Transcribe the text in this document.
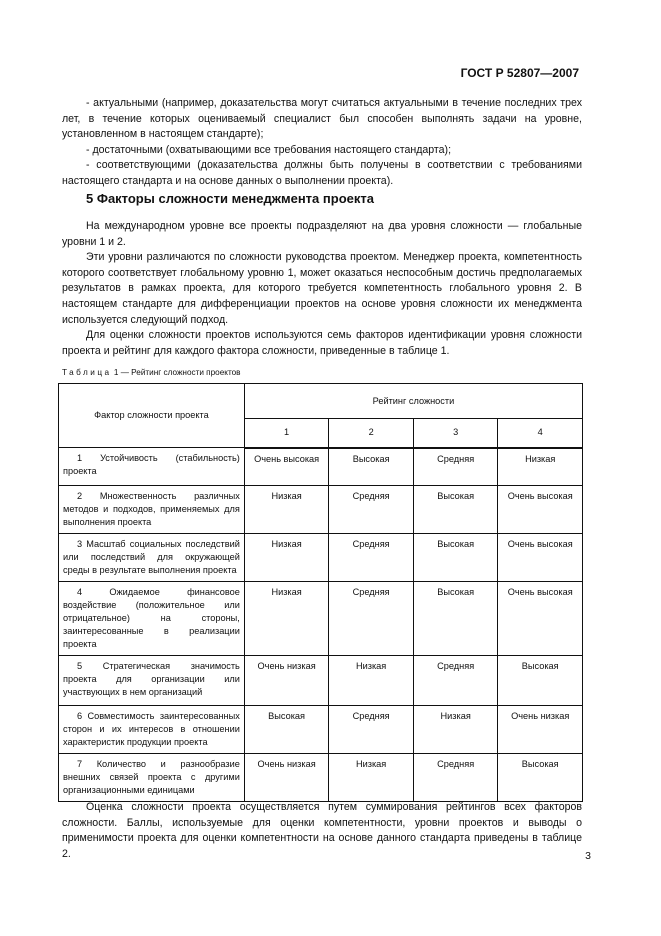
ГОСТ Р 52807—2007

- актуальными (например, доказательства могут считаться актуальными в течение последних трех лет, в течение которых оцениваемый специалист был способен выполнять задачи на уровне, установленном в настоящем стандарте);

- достаточными (охватывающими все требования настоящего стандарта);

- соответствующими (доказательства должны быть получены в соответствии с требованиями настоящего стандарта и на основе данных о выполнении проекта).

5 Факторы сложности менеджмента проекта

На международном уровне все проекты подразделяют на два уровня сложности — глобальные уровни 1 и 2.

Эти уровни различаются по сложности руководства проектом. Менеджер проекта, компетентность которого соответствует глобальному уровню 1, может оказаться неспособным достичь предполагаемых результатов в рамках проекта, для которого требуется компетентность глобального уровня 2. В настоящем стандарте для дифференциации проектов на основе уровня сложности их менеджмента используется следующий подход.

Для оценки сложности проектов используются семь факторов идентификации уровня сложности проекта и рейтинг для каждого фактора сложности, приведенные в таблице 1.

Таблица 1 — Рейтинг сложности проектов
Фактор сложности проекта	Рейтинг сложности			
	1	2	3	4

1 Устойчивость (стабильность) проекта	Очень высокая	Высокая	Средняя	Низкая

2 Множественность различных методов и подходов, применяемых для выполнения проекта	Низкая	Средняя	Высокая	Очень высокая

3 Масштаб социальных последствий или последствий для окружающей среды в результате выполнения проекта	Низкая	Средняя	Высокая	Очень высокая

4 Ожидаемое финансовое воздействие (положительное или отрицательное) на стороны, заинтересованные в реализации проекта	Низкая	Средняя	Высокая	Очень высокая

5 Стратегическая значимость проекта для организации или участвующих в нем организаций	Очень низкая	Низкая	Средняя	Высокая

6 Совместимость заинтересованных сторон и их интересов в отношении характеристик продукции проекта	Высокая	Средняя	Низкая	Очень низкая

7 Количество и разнообразие внешних связей проекта с другими организационными единицами	Очень низкая	Низкая	Средняя	Высокая

Оценка сложности проекта осуществляется путем суммирования рейтингов всех факторов сложности. Баллы, используемые для оценки компетентности, уровни проектов и выводы о применимости проекта для оценки компетентности на основе данного стандарта приведены в таблице 2.	3
